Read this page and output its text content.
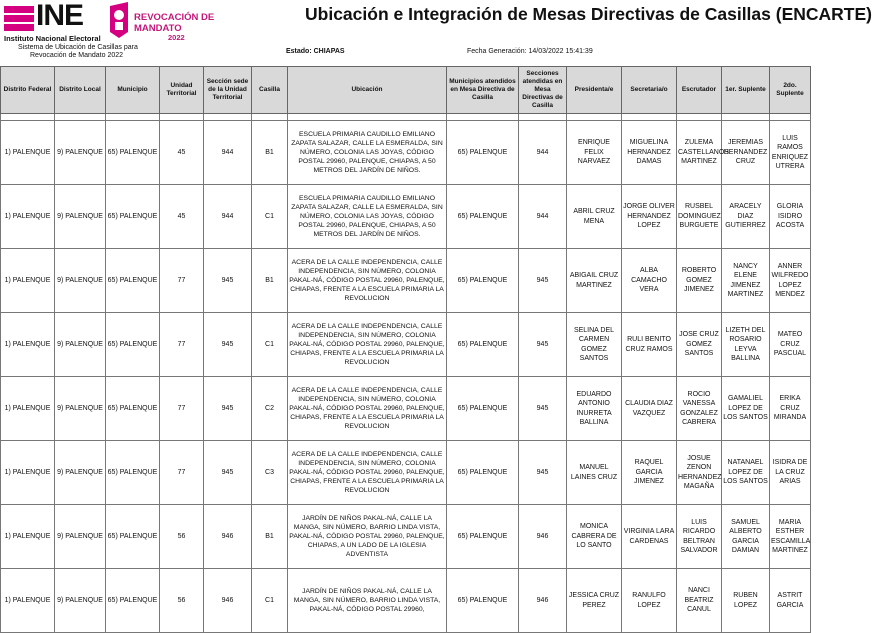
INE
Instituto Nacional Electoral
REVOCACIÓN DE
MANDATO
2022
Ubicación e Integración de Mesas Directivas de Casillas (ENCARTE)
Sistema de Ubicación de Casillas para
Revocación de Mandato 2022
Estado: CHIAPAS	Fecha Generación: 14/03/2022 15:41:39
Distrito Federal	Distrito Local	Municipio	Unidad Territorial	Sección sede de la Unidad Territorial	Casilla	Ubicación	Municipios atendidos en Mesa Directiva de Casilla	Secciones atendidas en Mesa Directivas de Casilla	Presidenta/e	Secretaria/o	Escrutador	1er. Suplente	2do. Suplente

1) PALENQUE	9) PALENQUE	65) PALENQUE	45	944	B1	ESCUELA PRIMARIA CAUDILLO EMILIANO ZAPATA SALAZAR, CALLE LA ESMERALDA, SIN NÚMERO, COLONIA LAS JOYAS, CÓDIGO POSTAL 29960, PALENQUE, CHIAPAS, A 50 METROS DEL JARDÍN DE NIÑOS.	65) PALENQUE	944	ENRIQUE FELIX NARVAEZ	MIGUELINA HERNANDEZ DAMAS	ZULEMA CASTELLANOS MARTINEZ	JEREMIAS HERNANDEZ CRUZ	LUIS RAMOS ENRIQUEZ UTRERA
1) PALENQUE	9) PALENQUE	65) PALENQUE	45	944	C1	ESCUELA PRIMARIA CAUDILLO EMILIANO ZAPATA SALAZAR, CALLE LA ESMERALDA, SIN NÚMERO, COLONIA LAS JOYAS, CÓDIGO POSTAL 29960, PALENQUE, CHIAPAS, A 50 METROS DEL JARDÍN DE NIÑOS.	65) PALENQUE	944	ABRIL CRUZ MENA	JORGE OLIVER HERNANDEZ LOPEZ	RUSBEL DOMINGUEZ BURGUETE	ARACELY DIAZ GUTIERREZ	GLORIA ISIDRO ACOSTA
1) PALENQUE	9) PALENQUE	65) PALENQUE	77	945	B1	ACERA DE LA CALLE INDEPENDENCIA, CALLE INDEPENDENCIA, SIN NÚMERO, COLONIA PAKAL-NÁ, CÓDIGO POSTAL 29960, PALENQUE, CHIAPAS, FRENTE A LA ESCUELA PRIMARIA LA REVOLUCION	65) PALENQUE	945	ABIGAIL CRUZ MARTINEZ	ALBA CAMACHO VERA	ROBERTO GOMEZ JIMENEZ	NANCY ELENE JIMENEZ MARTINEZ	ANNER WILFREDO LOPEZ MENDEZ
1) PALENQUE	9) PALENQUE	65) PALENQUE	77	945	C1	ACERA DE LA CALLE INDEPENDENCIA, CALLE INDEPENDENCIA, SIN NÚMERO, COLONIA PAKAL-NÁ, CÓDIGO POSTAL 29960, PALENQUE, CHIAPAS, FRENTE A LA ESCUELA PRIMARIA LA REVOLUCION	65) PALENQUE	945	SELINA DEL CARMEN GOMEZ SANTOS	RULI BENITO CRUZ RAMOS	JOSE CRUZ GOMEZ SANTOS	LIZETH DEL ROSARIO LEYVA BALLINA	MATEO CRUZ PASCUAL
1) PALENQUE	9) PALENQUE	65) PALENQUE	77	945	C2	ACERA DE LA CALLE INDEPENDENCIA, CALLE INDEPENDENCIA, SIN NÚMERO, COLONIA PAKAL-NÁ, CÓDIGO POSTAL 29960, PALENQUE, CHIAPAS, FRENTE A LA ESCUELA PRIMARIA LA REVOLUCION	65) PALENQUE	945	EDUARDO ANTONIO INURRETA BALLINA	CLAUDIA DIAZ VAZQUEZ	ROCIO VANESSA GONZALEZ CABRERA	GAMALIEL LOPEZ DE LOS SANTOS	ERIKA CRUZ MIRANDA
1) PALENQUE	9) PALENQUE	65) PALENQUE	77	945	C3	ACERA DE LA CALLE INDEPENDENCIA, CALLE INDEPENDENCIA, SIN NÚMERO, COLONIA PAKAL-NÁ, CÓDIGO POSTAL 29960, PALENQUE, CHIAPAS, FRENTE A LA ESCUELA PRIMARIA LA REVOLUCION	65) PALENQUE	945	MANUEL LAINES CRUZ	RAQUEL GARCIA JIMENEZ	JOSUE ZENON HERNANDEZ MAGAÑA	NATANAEL LOPEZ DE LOS SANTOS	ISIDRA DE LA CRUZ ARIAS
1) PALENQUE	9) PALENQUE	65) PALENQUE	56	946	B1	JARDÍN DE NIÑOS PAKAL-NÁ, CALLE LA MANGA, SIN NÚMERO, BARRIO LINDA VISTA, PAKAL-NÁ, CÓDIGO POSTAL 29960, PALENQUE, CHIAPAS, A UN LADO DE LA IGLESIA ADVENTISTA	65) PALENQUE	946	MONICA CABRERA DE LO SANTO	VIRGINIA LARA CARDENAS	LUIS RICARDO BELTRAN SALVADOR	SAMUEL ALBERTO GARCIA DAMIAN	MARIA ESTHER ESCAMILLA MARTINEZ
1) PALENQUE	9) PALENQUE	65) PALENQUE	56	946	C1	JARDÍN DE NIÑOS PAKAL-NÁ, CALLE LA MANGA, SIN NÚMERO, BARRIO LINDA VISTA, PAKAL-NÁ, CÓDIGO POSTAL 29960,	65) PALENQUE	946	JESSICA CRUZ PEREZ	RANULFO LOPEZ	NANCI BEATRIZ CANUL	RUBEN LOPEZ	ASTRIT GARCIA
